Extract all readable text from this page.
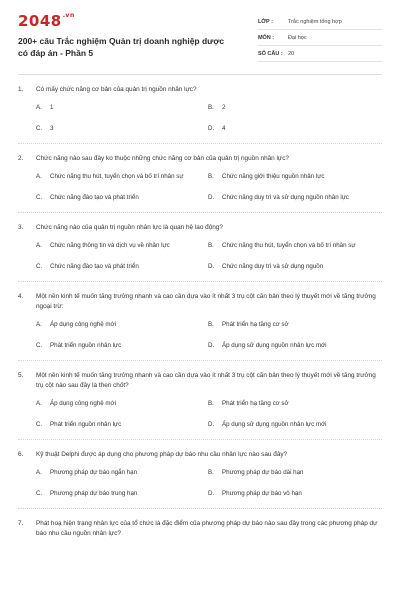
$2048^{.vn}$
200+ câu Trắc nghiệm Quản trị doanh nghiệp dược có đáp án - Phần 5
LỚP :	Trắc nghiệm tổng hợp
MÔN :	Đại học
SỐ CÂU : 20
1.	Có mấy chức năng cơ bản của quản trị nguồn nhân lực?
A.	1	B.	2
C.	3	D.	4
2.	Chức năng nào sau đây ko thuộc những chức năng cơ bản của quản trị nguồn nhân lực?
A.	Chức năng thu hút, tuyển chọn và bố trí nhân sự	B.	Chức năng giới thiệu nguồn nhân lực
C.	Chức năng đào tạo và phát triển	D.	Chức năng duy trì và sử dụng nguồn nhân lực
3.	Chức năng nào của quản trị nguồn nhân lực là quan hệ lao động?
A.	Chức năng thông tin và dịch vụ về nhân lực	B.	Chức năng thu hút, tuyển chọn và bố trí nhân sự
C.	Chức năng đào tạo và phát triển	D.	Chức năng duy trì và sử dụng nguồn
4.	Một nền kinh tế muốn tăng trưởng nhanh và cao cần dựa vào ít nhất 3 trụ cột căn bản theo lý thuyết mới về tăng trưởng ngoại trừ:
A.	Áp dụng công nghệ mới	B.	Phát triển hạ tầng cơ sở
C.	Phát triển nguồn nhân lực	D.	Áp dụng sử dụng nguồn nhân lực mới
5.	Một nền kinh tế muốn tăng trưởng nhanh và cao cần dựa vào ít nhất 3 trụ cột căn bản theo lý thuyết mới về tăng trưởng trụ cột nào sau đây là then chốt?
A.	Áp dụng công nghệ mới	B.	Phát triển hạ tầng cơ sở
C.	Phát triển nguồn nhân lực	D.	Áp dụng sử dụng nguồn nhân lực mới
6.	Kỹ thuật Delphi được áp dụng cho phương pháp dự báo nhu cầu nhân lực nào sau đây?
A.	Phương pháp dự báo ngắn hạn	B.	Phương pháp dự báo dài hạn
C.	Phương pháp dự báo trung hạn	D.	Phương pháp dự báo vô hạn
7.	Phát hoạ hiện trạng nhân lực của tổ chức là đặc điểm của phương pháp dự báo nào sau đây trong các phương pháp dự báo nhu cầu nguồn nhân lực?
